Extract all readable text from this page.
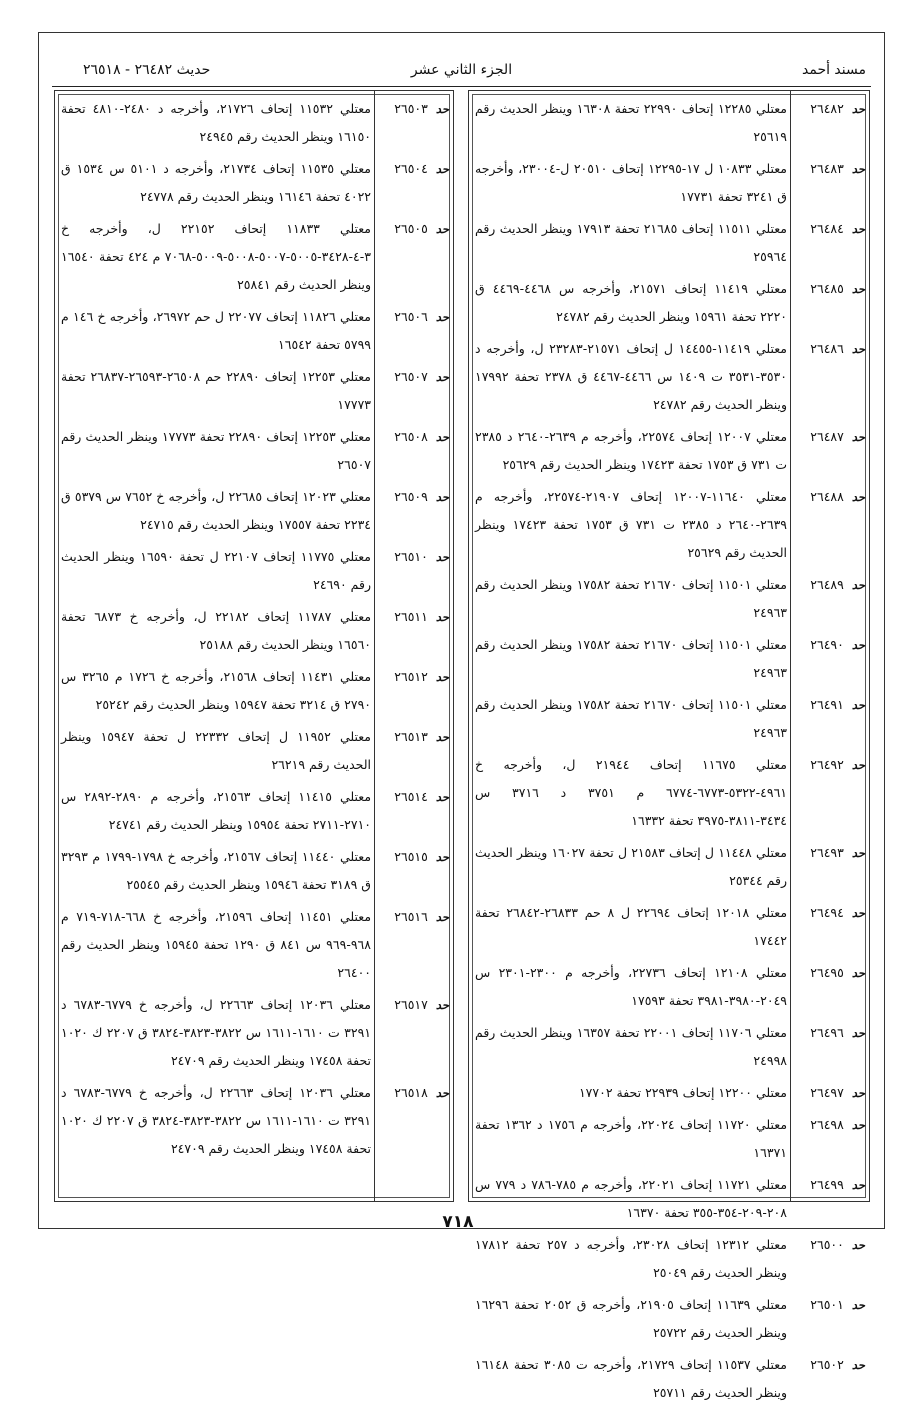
مسند أحمد
الجزء الثاني عشر
حديث ٢٦٤٨٢ - ٢٦٥١٨
حد
٢٦٤٨٢
معتلي ١٢٢٨٥ إتحاف ٢٢٩٩٠ تحفة ١٦٣٠٨ وينظر الحديث رقم ٢٥٦١٩
حد
٢٦٤٨٣
معتلي ١٠٨٣٣ ل ١٧-١٢٢٩٥ إتحاف ٢٠٥١٠ ل-٢٣٠٠٤، وأخرجه ق ٣٢٤١ تحفة ١٧٧٣١
حد
٢٦٤٨٤
معتلي ١١٥١١ إتحاف ٢١٦٨٥ تحفة ١٧٩١٣ وينظر الحديث رقم ٢٥٩٦٤
حد
٢٦٤٨٥
معتلي ١١٤١٩ إتحاف ٢١٥٧١، وأخرجه س ٤٤٦٨-٤٤٦٩ ق ٢٢٢٠ تحفة ١٥٩٦١ وينظر الحديث رقم ٢٤٧٨٢
حد
٢٦٤٨٦
معتلي ١١٤١٩-١٤٤٥٥ ل إتحاف ٢١٥٧١-٢٣٢٨٣ ل، وأخرجه د ٣٥٣٠-٣٥٣١ ت ١٤٠٩ س ٤٤٦٦-٤٤٦٧ ق ٢٣٧٨ تحفة ١٧٩٩٢ وينظر الحديث رقم ٢٤٧٨٢
حد
٢٦٤٨٧
معتلي ١٢٠٠٧ إتحاف ٢٢٥٧٤، وأخرجه م ٢٦٣٩-٢٦٤٠ د ٢٣٨٥ ت ٧٣١ ق ١٧٥٣ تحفة ١٧٤٢٣ وينظر الحديث رقم ٢٥٦٢٩
حد
٢٦٤٨٨
معتلي ١١٦٤٠-١٢٠٠٧ إتحاف ٢١٩٠٧-٢٢٥٧٤، وأخرجه م ٢٦٣٩-٢٦٤٠ د ٢٣٨٥ ت ٧٣١ ق ١٧٥٣ تحفة ١٧٤٢٣ وينظر الحديث رقم ٢٥٦٢٩
حد
٢٦٤٨٩
معتلي ١١٥٠١ إتحاف ٢١٦٧٠ تحفة ١٧٥٨٢ وينظر الحديث رقم ٢٤٩٦٣
حد
٢٦٤٩٠
معتلي ١١٥٠١ إتحاف ٢١٦٧٠ تحفة ١٧٥٨٢ وينظر الحديث رقم ٢٤٩٦٣
حد
٢٦٤٩١
معتلي ١١٥٠١ إتحاف ٢١٦٧٠ تحفة ١٧٥٨٢ وينظر الحديث رقم ٢٤٩٦٣
حد
٢٦٤٩٢
معتلي ١١٦٧٥ إتحاف ٢١٩٤٤ ل، وأخرجه خ ٤٩٦١-٥٣٢٢-٦٧٧٣-٦٧٧٤ م ٣٧٥١ د ٣٧١٦ س ٣٤٣٤-٣٨١١-٣٩٧٥ تحفة ١٦٣٣٢
حد
٢٦٤٩٣
معتلي ١١٤٤٨ ل إتحاف ٢١٥٨٣ ل تحفة ١٦٠٢٧ وينظر الحديث رقم ٢٥٣٤٤
حد
٢٦٤٩٤
معتلي ١٢٠١٨ إتحاف ٢٢٦٩٤ ل ٨ حم ٢٦٨٣٣-٢٦٨٤٢ تحفة ١٧٤٤٢
حد
٢٦٤٩٥
معتلي ١٢١٠٨ إتحاف ٢٢٧٣٦، وأخرجه م ٢٣٠٠-٢٣٠١ س ٢٠٤٩-٣٩٨٠-٣٩٨١ تحفة ١٧٥٩٣
حد
٢٦٤٩٦
معتلي ١١٧٠٦ إتحاف ٢٢٠٠١ تحفة ١٦٣٥٧ وينظر الحديث رقم ٢٤٩٩٨
حد
٢٦٤٩٧
معتلي ١٢٢٠٠ إتحاف ٢٢٩٣٩ تحفة ١٧٧٠٢
حد
٢٦٤٩٨
معتلي ١١٧٢٠ إتحاف ٢٢٠٢٤، وأخرجه م ١٧٥٦ د ١٣٦٢ تحفة ١٦٣٧١
حد
٢٦٤٩٩
معتلي ١١٧٢١ إتحاف ٢٢٠٢١، وأخرجه م ٧٨٥-٧٨٦ د ٧٧٩ س ٢٠٨-٢٠٩-٣٥٤-٣٥٥ تحفة ١٦٣٧٠
حد
٢٦٥٠٠
معتلي ١٢٣١٢ إتحاف ٢٣٠٢٨، وأخرجه د ٢٥٧ تحفة ١٧٨١٢ وينظر الحديث رقم ٢٥٠٤٩
حد
٢٦٥٠١
معتلي ١١٦٣٩ إتحاف ٢١٩٠٥، وأخرجه ق ٢٠٥٢ تحفة ١٦٢٩٦ وينظر الحديث رقم ٢٥٧٢٢
حد
٢٦٥٠٢
معتلي ١١٥٣٧ إتحاف ٢١٧٢٩، وأخرجه ت ٣٠٨٥ تحفة ١٦١٤٨ وينظر الحديث رقم ٢٥٧١١
حد
٢٦٥٠٣
معتلي ١١٥٣٢ إتحاف ٢١٧٢٦، وأخرجه د ٢٤٨٠-٤٨١٠ تحفة ١٦١٥٠ وينظر الحديث رقم ٢٤٩٤٥
حد
٢٦٥٠٤
معتلي ١١٥٣٥ إتحاف ٢١٧٣٤، وأخرجه د ٥١٠١ س ١٥٣٤ ق ٤٠٢٢ تحفة ١٦١٤٦ وينظر الحديث رقم ٢٤٧٧٨
حد
٢٦٥٠٥
معتلي ١١٨٣٣ إتحاف ٢٢١٥٢ ل، وأخرجه خ ٣-٤-٣٤٢٨-٥٠٠٥-٥٠٠٧-٥٠٠٨-٥٠٠٩-٧٠٦٨ م ٤٢٤ تحفة ١٦٥٤٠ وينظر الحديث رقم ٢٥٨٤١
حد
٢٦٥٠٦
معتلي ١١٨٢٦ إتحاف ٢٢٠٧٧ ل حم ٢٦٩٧٢، وأخرجه خ ١٤٦ م ٥٧٩٩ تحفة ١٦٥٤٢
حد
٢٦٥٠٧
معتلي ١٢٢٥٣ إتحاف ٢٢٨٩٠ حم ٢٦٥٠٨-٢٦٥٩٣-٢٦٨٣٧ تحفة ١٧٧٧٣
حد
٢٦٥٠٨
معتلي ١٢٢٥٣ إتحاف ٢٢٨٩٠ تحفة ١٧٧٧٣ وينظر الحديث رقم ٢٦٥٠٧
حد
٢٦٥٠٩
معتلي ١٢٠٢٣ إتحاف ٢٢٦٨٥ ل، وأخرجه خ ٧٦٥٢ س ٥٣٧٩ ق ٢٢٣٤ تحفة ١٧٥٥٧ وينظر الحديث رقم ٢٤٧١٥
حد
٢٦٥١٠
معتلي ١١٧٧٥ إتحاف ٢٢١٠٧ ل تحفة ١٦٥٩٠ وينظر الحديث رقم ٢٤٦٩٠
حد
٢٦٥١١
معتلي ١١٧٨٧ إتحاف ٢٢١٨٢ ل، وأخرجه خ ٦٨٧٣ تحفة ١٦٥٦٠ وينظر الحديث رقم ٢٥١٨٨
حد
٢٦٥١٢
معتلي ١١٤٣١ إتحاف ٢١٥٦٨، وأخرجه خ ١٧٢٦ م ٣٢٦٥ س ٢٧٩٠ ق ٣٢١٤ تحفة ١٥٩٤٧ وينظر الحديث رقم ٢٥٢٤٢
حد
٢٦٥١٣
معتلي ١١٩٥٢ ل إتحاف ٢٢٣٣٢ ل تحفة ١٥٩٤٧ وينظر الحديث رقم ٢٦٢١٩
حد
٢٦٥١٤
معتلي ١١٤١٥ إتحاف ٢١٥٦٣، وأخرجه م ٢٨٩٠-٢٨٩٢ س ٢٧١٠-٢٧١١ تحفة ١٥٩٥٤ وينظر الحديث رقم ٢٤٧٤١
حد
٢٦٥١٥
معتلي ١١٤٤٠ إتحاف ٢١٥٦٧، وأخرجه خ ١٧٩٨-١٧٩٩ م ٣٢٩٣ ق ٣١٨٩ تحفة ١٥٩٤٦ وينظر الحديث رقم ٢٥٥٤٥
حد
٢٦٥١٦
معتلي ١١٤٥١ إتحاف ٢١٥٩٦، وأخرجه خ ٦٦٨-٧١٨-٧١٩ م ٩٦٨-٩٦٩ س ٨٤١ ق ١٢٩٠ تحفة ١٥٩٤٥ وينظر الحديث رقم ٢٦٤٠٠
حد
٢٦٥١٧
معتلي ١٢٠٣٦ إتحاف ٢٢٦٦٣ ل، وأخرجه خ ٦٧٧٩-٦٧٨٣ د ٣٢٩١ ت ١٦١٠-١٦١١ س ٣٨٢٢-٣٨٢٣-٣٨٢٤ ق ٢٢٠٧ ك ١٠٢٠ تحفة ١٧٤٥٨ وينظر الحديث رقم ٢٤٧٠٩
حد
٢٦٥١٨
معتلي ١٢٠٣٦ إتحاف ٢٢٦٦٣ ل، وأخرجه خ ٦٧٧٩-٦٧٨٣ د ٣٢٩١ ت ١٦١٠-١٦١١ س ٣٨٢٢-٣٨٢٣-٣٨٢٤ ق ٢٢٠٧ ك ١٠٢٠ تحفة ١٧٤٥٨ وينظر الحديث رقم ٢٤٧٠٩
٧١٨
